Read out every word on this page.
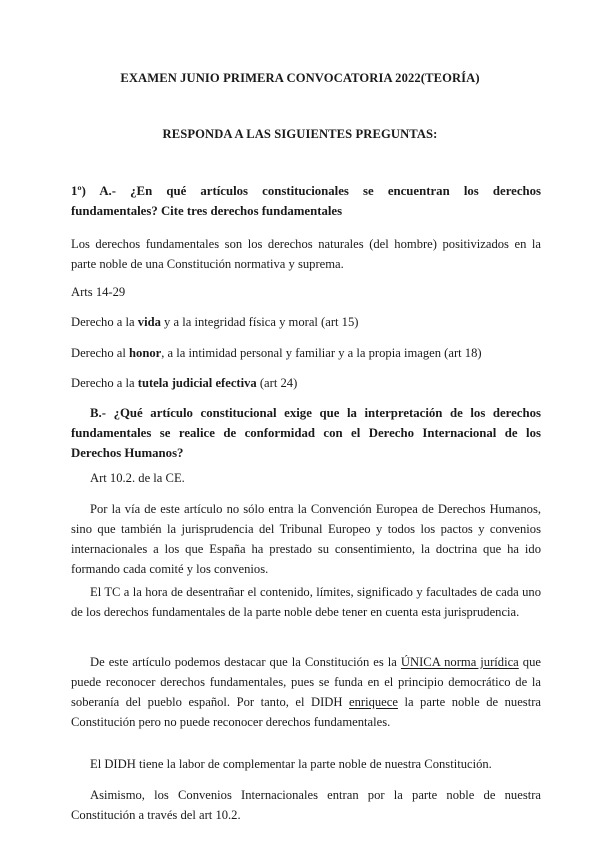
EXAMEN JUNIO PRIMERA CONVOCATORIA 2022(TEORÍA)
RESPONDA A LAS SIGUIENTES PREGUNTAS:
1º) A.- ¿En qué artículos constitucionales se encuentran los derechos
fundamentales? Cite tres derechos fundamentales

Los derechos fundamentales son los derechos naturales (del hombre) positivizados en la parte noble de una Constitución normativa y suprema.

Arts 14-29

Derecho a la vida y a la integridad física y moral (art 15)

Derecho al honor, a la intimidad personal y familiar y a la propia imagen (art 18)

Derecho a la tutela judicial efectiva (art 24)

B.- ¿Qué artículo constitucional exige que la interpretación de los derechos fundamentales se realice de conformidad con el Derecho Internacional de los Derechos Humanos?

Art 10.2. de la CE.

Por la vía de este artículo no sólo entra la Convención Europea de Derechos Humanos, sino que también la jurisprudencia del Tribunal Europeo y todos los pactos y convenios internacionales a los que España ha prestado su consentimiento, la doctrina que ha ido formando cada comité y los convenios.

El TC a la hora de desentrañar el contenido, límites, significado y facultades de cada uno de los derechos fundamentales de la parte noble debe tener en cuenta esta jurisprudencia.

De este artículo podemos destacar que la Constitución es la ÚNICA norma jurídica que puede reconocer derechos fundamentales, pues se funda en el principio democrático de la soberanía del pueblo español. Por tanto, el DIDH enriquece la parte noble de nuestra Constitución pero no puede reconocer derechos fundamentales.

El DIDH tiene la labor de complementar la parte noble de nuestra Constitución.

Asimismo, los Convenios Internacionales entran por la parte noble de nuestra Constitución a través del art 10.2.
